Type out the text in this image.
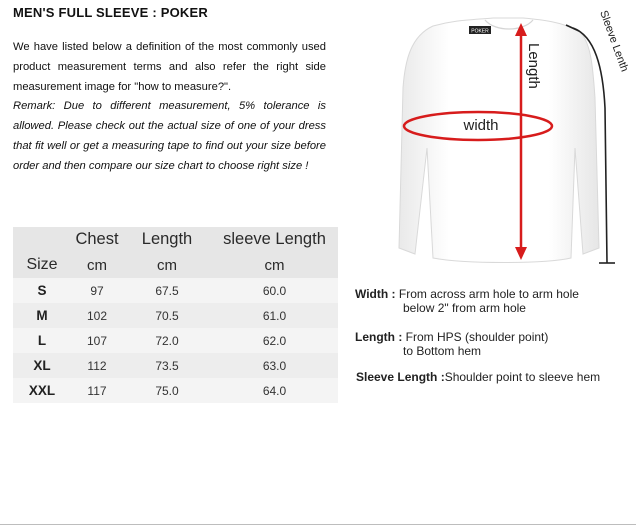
MEN'S FULL SLEEVE : POKER
We have listed below a definition of the most commonly used product measurement terms and also refer the right side measurement image for "how to measure?".
Remark: Due to different measurement, 5% tolerance is allowed. Please check out the actual size of one of your dress that fit well or get a measuring tape to find out your size before order and then compare our size chart to choose right size !
	Chest	Length	sleeve Length
Size	cm	cm	cm
S	97	67.5	60.0
M	102	70.5	61.0
L	107	72.0	62.0
XL	112	73.5	63.0
XXL	117	75.0	64.0
POKER
width
Length	Sleeve Lenth
Width : From across arm hole to arm hole
below 2" from arm hole
Length : From HPS (shoulder point)
to Bottom hem
Sleeve Length :Shoulder point to sleeve hem
